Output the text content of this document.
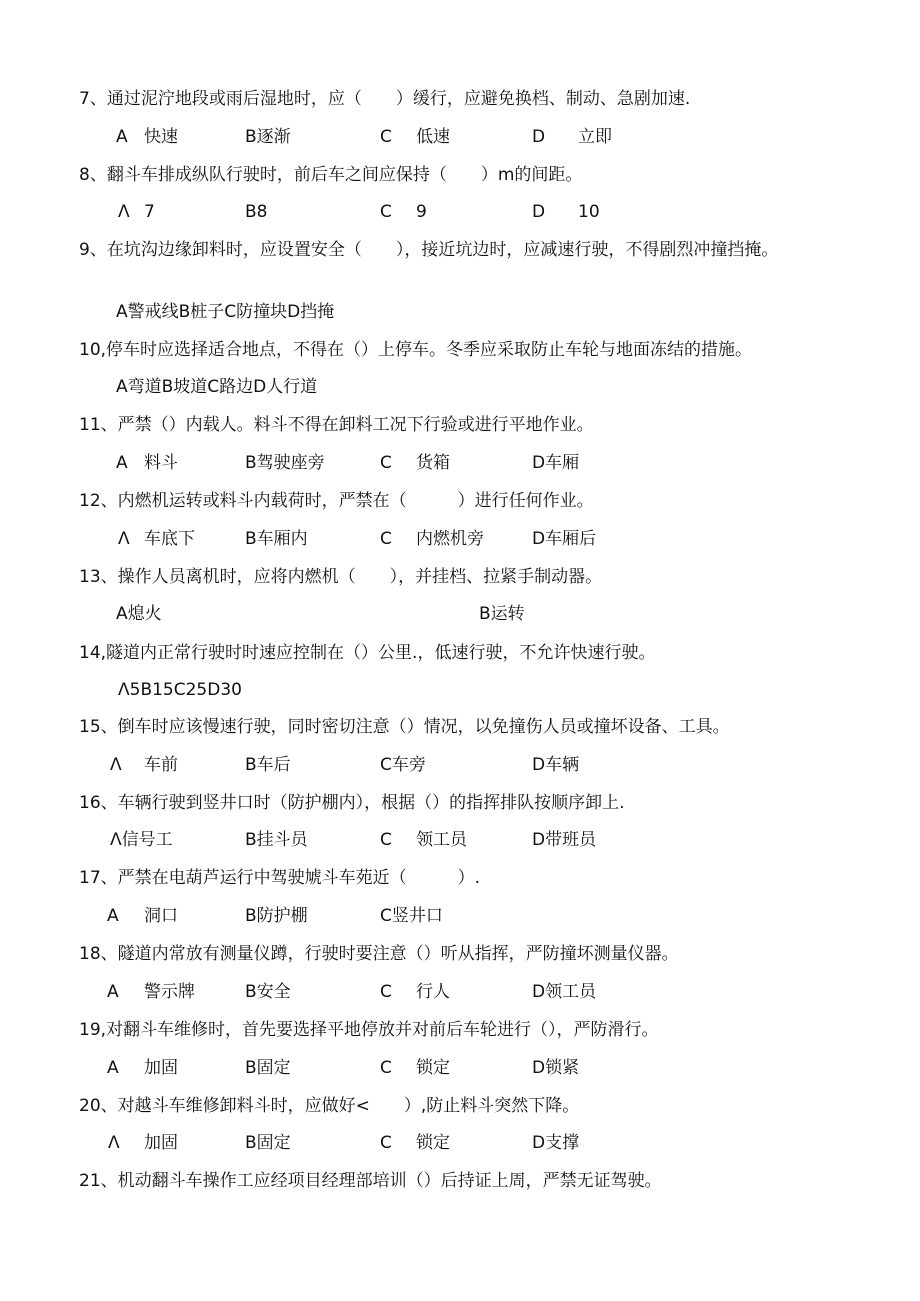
7、通过泥泞地段或雨后湿地时，应（　　）缓行，应避免换档、制动、急剧加速.
A 快速	B逐渐	C 低速	D 立即
8、翻斗车排成纵队行驶时，前后车之间应保持（　　）m的间距。
Λ 7	B8	C 9	D 10
9、在坑沟边缘卸料时，应设置安全（　　），接近坑边时，应减速行驶，不得剧烈冲撞挡掩。
A警戒线B桩子C防撞块D挡掩
10,停车时应选择适合地点，不得在（）上停车。冬季应采取防止车轮与地面冻结的措施。
A弯道B坡道C路边D人行道
11、严禁（）内载人。料斗不得在卸料工况下行验或进行平地作业。
A 料斗	B驾驶座旁	C 货箱	D车厢
12、内燃机运转或料斗内载荷时，严禁在（　　　）进行任何作业。
Λ 车底下	B车厢内	C 内燃机旁	D车厢后
13、操作人员离机时，应将内燃机（　　），并挂档、拉紧手制动器。
A熄火	B运转
14,隧道内正常行驶时时速应控制在（）公里.，低速行驶，不允许快速行驶。
Λ5B15C25D30
15、倒车时应该慢速行驶，同时密切注意（）情况，以免撞伤人员或撞坏设备、工具。
Λ 车前	B车后	C车旁	D车辆
16、车辆行驶到竖井口时（防护棚内），根据（）的指挥排队按顺序卸上.
Λ信号工	B挂斗员	C 领工员	D带班员
17、严禁在电葫芦运行中驾驶虓斗车苑近（　　　）.
A 洞口	B防护棚	C竖井口
18、隧道内常放有测量仪蹲，行驶时要注意（）听从指挥，严防撞坏测量仪器。
A 警示牌	B安全	C 行人	D领工员
19,对翻斗车维修时，首先要选择平地停放并对前后车轮进行（），严防滑行。
A 加固	B固定	C 锁定	D锁紧
20、对越斗车维修卸料斗时，应做好<　　）,防止料斗突然下降。
Λ 加固	B固定	C 锁定	D支撑
21、机动翻斗车操作工应经项目经理部培训（）后持证上周，严禁无证驾驶。
